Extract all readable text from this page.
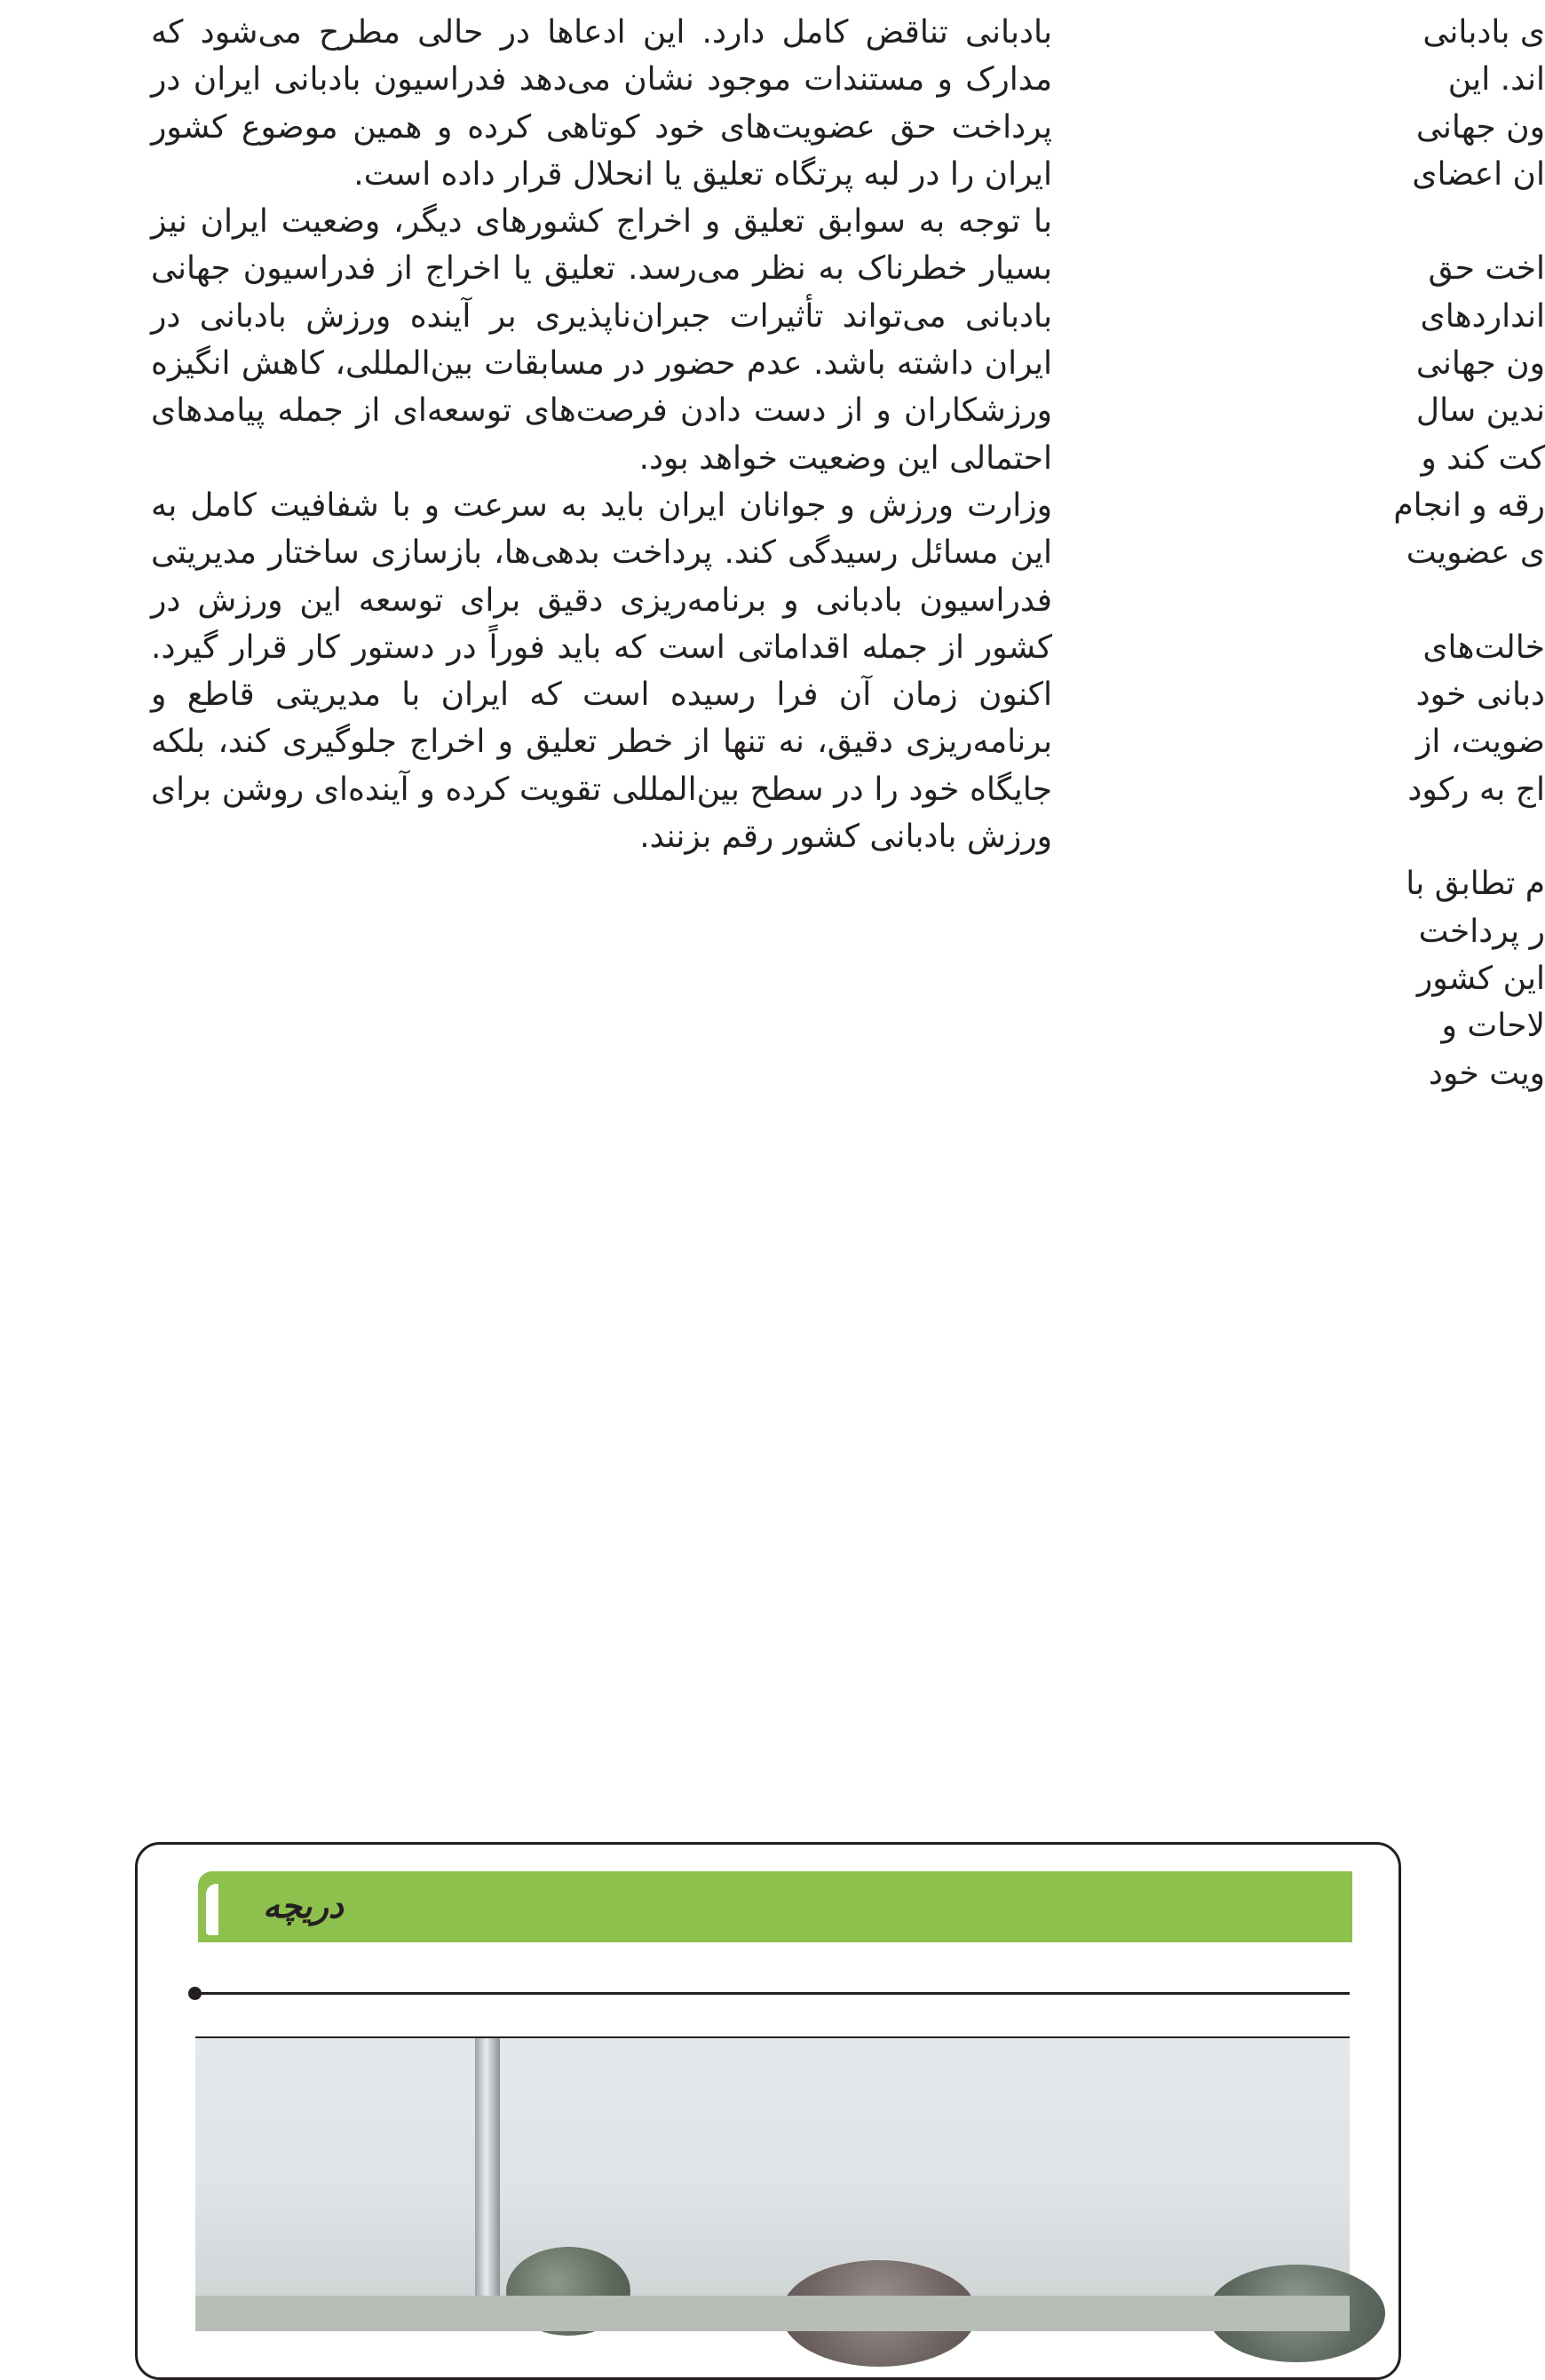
بادبانی تناقض کامل دارد. این ادعاها در حالی مطرح می‌شود که مدارک و مستندات موجود نشان می‌دهد فدراسیون بادبانی ایران در پرداخت حق عضویت‌های خود کوتاهی کرده و همین موضوع کشور ایران را در لبه پرتگاه تعلیق یا انحلال قرار داده است.

با توجه به سوابق تعلیق و اخراج کشورهای دیگر، وضعیت ایران نیز بسیار خطرناک به نظر می‌رسد. تعلیق یا اخراج از فدراسیون جهانی بادبانی می‌تواند تأثیرات جبران‌ناپذیری بر آینده ورزش بادبانی در ایران داشته باشد. عدم حضور در مسابقات بین‌المللی، کاهش انگیزه ورزشکاران و از دست دادن فرصت‌های توسعه‌ای از جمله پیامدهای احتمالی این وضعیت خواهد بود.

وزارت ورزش و جوانان ایران باید به سرعت و با شفافیت کامل به این مسائل رسیدگی کند. پرداخت بدهی‌ها، بازسازی ساختار مدیریتی فدراسیون بادبانی و برنامه‌ریزی دقیق برای توسعه این ورزش در کشور از جمله اقداماتی است که باید فوراً در دستور کار قرار گیرد. اکنون زمان آن فرا رسیده است که ایران با مدیریتی قاطع و برنامه‌ریزی دقیق، نه تنها از خطر تعلیق و اخراج جلوگیری کند، بلکه جایگاه خود را در سطح بین‌المللی تقویت کرده و آینده‌ای روشن برای ورزش بادبانی کشور رقم بزنند.

ی بادبانی
اند. این
ون جهانی
ان اعضای
اخت حق
اندارد‌های
ون جهانی
ندین سال
کت کند و
رقه و انجام
ی عضویت
خالت‌های
دبانی خود
ضویت، از
اج به رکود
م تطابق با
ر پرداخت
این کشور
لاحات و
ویت خود
دریچه
